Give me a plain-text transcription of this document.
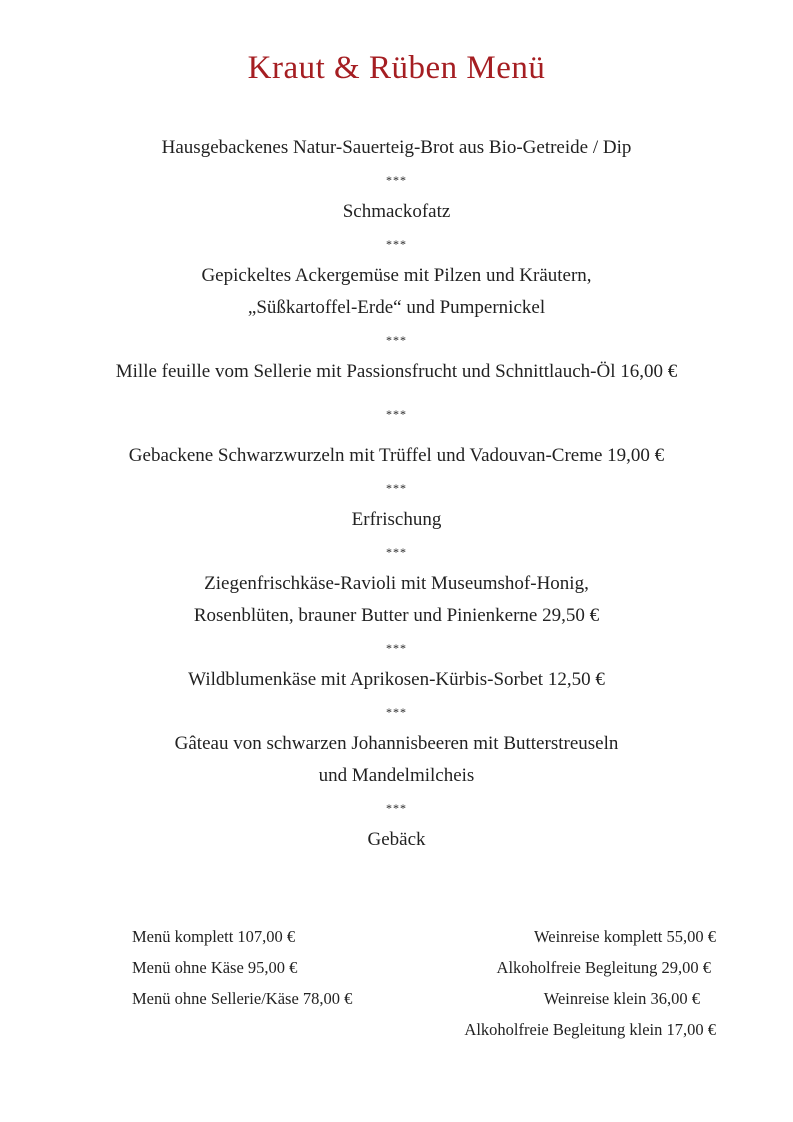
Kraut & Rüben Menü
Hausgebackenes Natur-Sauerteig-Brot aus Bio-Getreide / Dip
***
Schmackofatz
***
Gepickeltes Ackergemüse mit Pilzen und Kräutern,
„Süßkartoffel-Erde“ und Pumpernickel
***
Mille feuille vom Sellerie mit Passionsfrucht und Schnittlauch-Öl 16,00 €
***
Gebackene Schwarzwurzeln mit Trüffel und Vadouvan-Creme 19,00 €
***
Erfrischung
***
Ziegenfrischkäse-Ravioli mit Museumshof-Honig,
Rosenblüten, brauner Butter und Pinienkerne 29,50 €
***
Wildblumenkäse mit Aprikosen-Kürbis-Sorbet 12,50 €
***
Gâteau von schwarzen Johannisbeeren mit Butterstreuseln
und Mandelmilcheis
***
Gebäck
Menü komplett 107,00 €
Menü ohne Käse 95,00 €
Menü ohne Sellerie/Käse 78,00 €
Weinreise komplett 55,00 €
Alkoholfreie Begleitung 29,00 €
Weinreise klein 36,00 €
Alkoholfreie Begleitung klein 17,00 €
